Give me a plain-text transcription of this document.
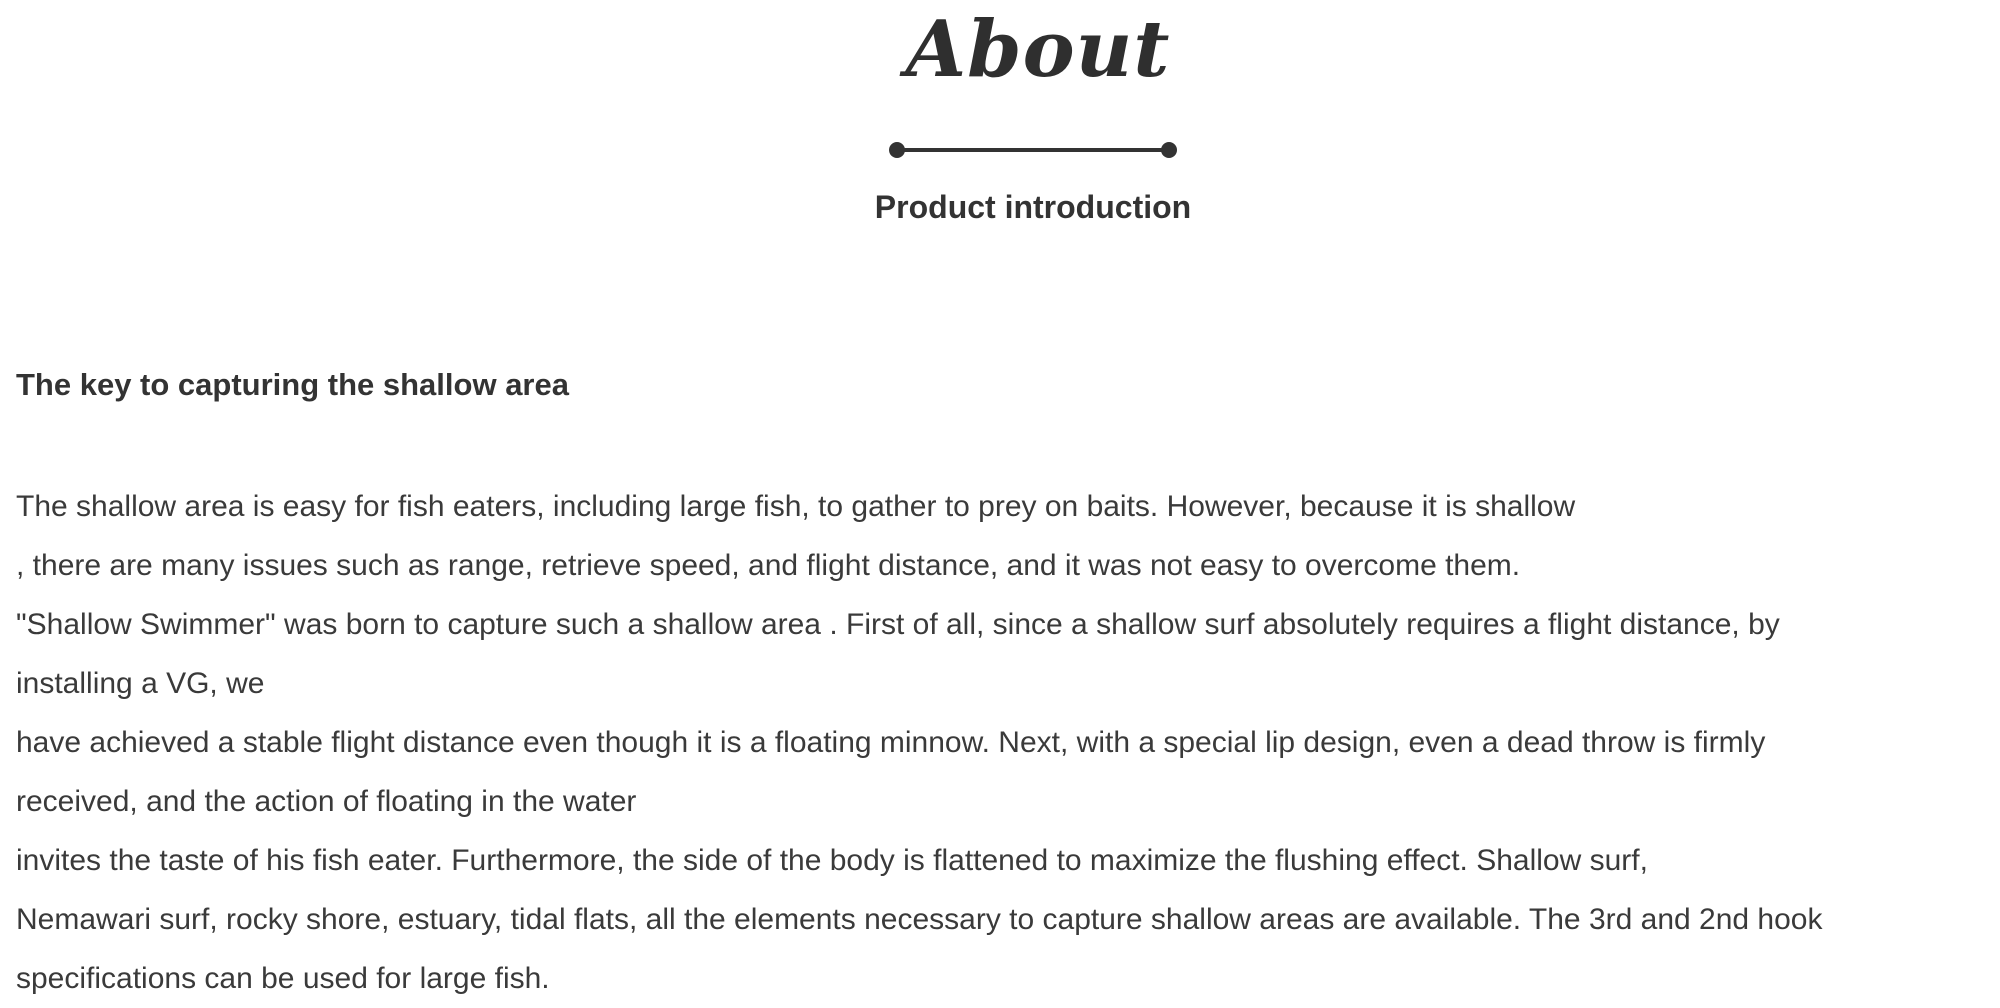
About
Product introduction
The key to capturing the shallow area

The shallow area is easy for fish eaters, including large fish, to gather to prey on baits. However, because it is shallow
, there are many issues such as range, retrieve speed, and flight distance, and it was not easy to overcome them.
"Shallow Swimmer" was born to capture such a shallow area . First of all, since a shallow surf absolutely requires a flight distance, by
installing a VG, we
have achieved a stable flight distance even though it is a floating minnow. Next, with a special lip design, even a dead throw is firmly
received, and the action of floating in the water
invites the taste of his fish eater. Furthermore, the side of the body is flattened to maximize the flushing effect. Shallow surf,
Nemawari surf, rocky shore, estuary, tidal flats, all the elements necessary to capture shallow areas are available. The 3rd and 2nd hook
specifications can be used for large fish.
